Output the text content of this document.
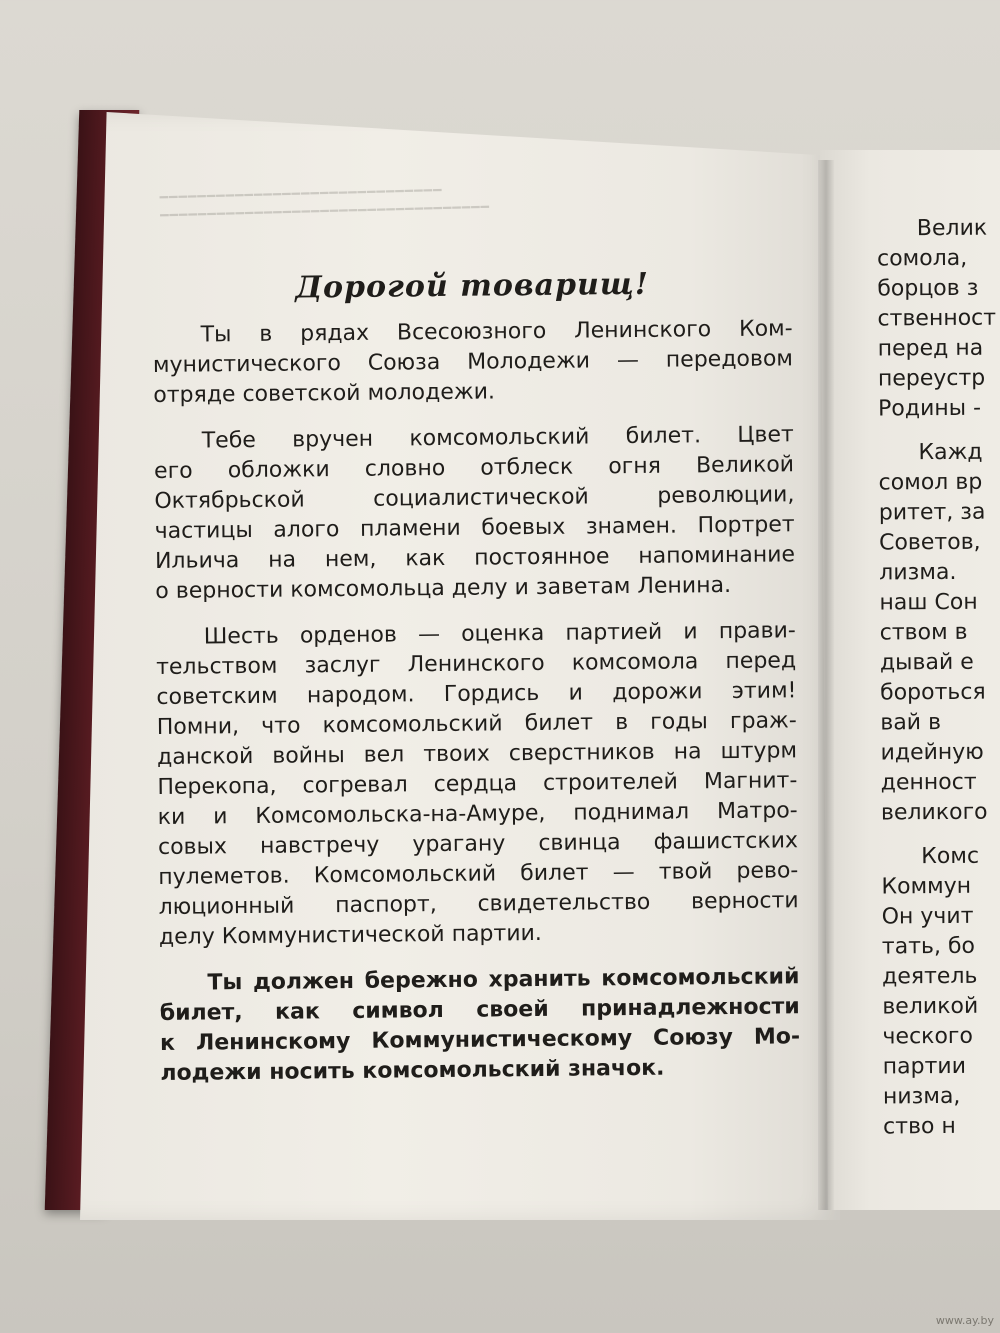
▔▔▔▔▔▔▔▔▔▔▔▔▔▔▔▔▔▔▔▔▔▔▔▔▔▔▔▔▔▔
▔▔▔▔▔▔▔▔▔▔▔▔▔▔▔▔▔▔▔▔▔▔▔▔▔▔▔▔▔▔▔▔▔▔▔
Дорогой товарищ!
Ты в рядах Всесоюзного Ленинского Ком-
мунистического Союза Молодежи — передовом
отряде советской молодежи.
Тебе вручен комсомольский билет. Цвет
его обложки словно отблеск огня Великой
Октябрьской социалистической революции,
частицы алого пламени боевых знамен. Портрет
Ильича на нем, как постоянное напоминание
о верности комсомольца делу и заветам Ленина.
Шесть орденов — оценка партией и прави-
тельством заслуг Ленинского комсомола перед
советским народом. Гордись и дорожи этим!
Помни, что комсомольский билет в годы граж-
данской войны вел твоих сверстников на штурм
Перекопа, согревал сердца строителей Магнит-
ки и Комсомольска-на-Амуре, поднимал Матро-
совых навстречу урагану свинца фашистских
пулеметов. Комсомольский билет — твой рево-
люционный паспорт, свидетельство верности
делу Коммунистической партии.
Ты должен бережно хранить комсомольский
билет, как символ своей принадлежности
к Ленинскому Коммунистическому Союзу Мо-
лодежи носить комсомольский значок.
Велик
сомола,
борцов з
ственност
перед на
переустр
Родины -
Кажд
сомол вр
ритет, за
Советов,
лизма.
наш Сон
ством в
дывай е
бороться
вай в
идейную
денност
великого
Комс
Коммун
Он учит
тать, бо
деятель
великой
ческого
партии
низма,
ство н
www.ay.by
